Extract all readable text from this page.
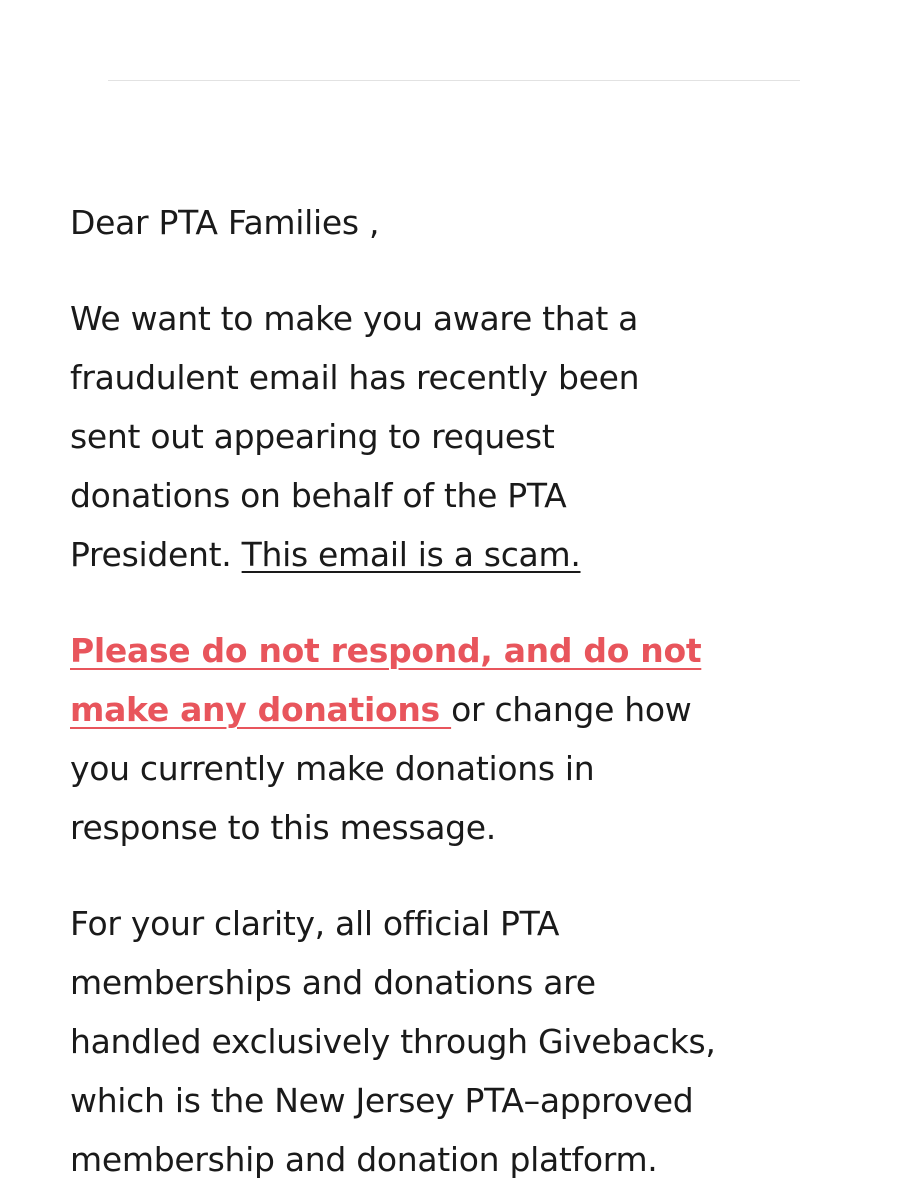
Dear PTA Families ,

We want to make you aware that a
fraudulent email has recently been
sent out appearing to request
donations on behalf of the PTA
President. This email is a scam.

Please do not respond, and do not
make any donations or change how
you currently make donations in
response to this message.

For your clarity, all official PTA
memberships and donations are
handled exclusively through Givebacks,
which is the New Jersey PTA–approved
membership and donation platform.
